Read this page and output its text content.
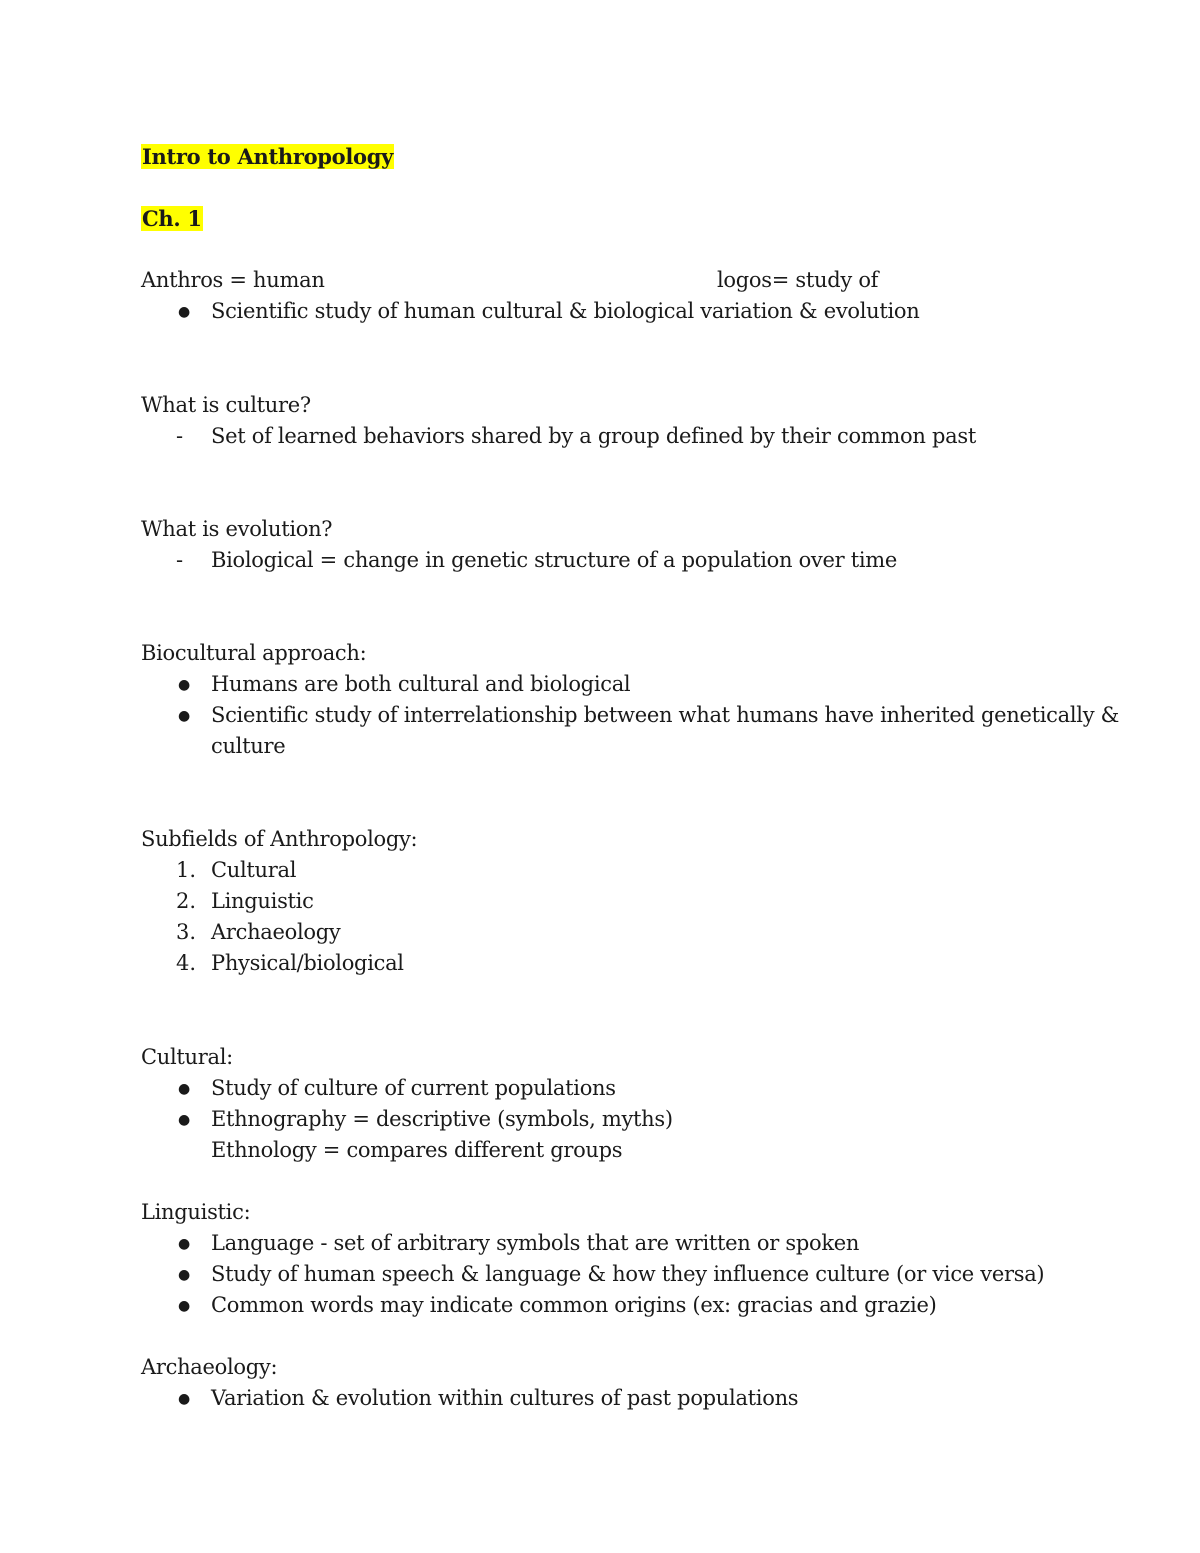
Intro to Anthropology
Ch. 1
Anthros = human	logos= study of
● Scientific study of human cultural & biological variation & evolution
What is culture?
- Set of learned behaviors shared by a group defined by their common past
What is evolution?
- Biological = change in genetic structure of a population over time
Biocultural approach:
● Humans are both cultural and biological
● Scientific study of interrelationship between what humans have inherited genetically &
culture
Subfields of Anthropology:
1. Cultural
2. Linguistic
3. Archaeology
4. Physical/biological
Cultural:
● Study of culture of current populations
● Ethnography = descriptive (symbols, myths)
Ethnology = compares different groups
Linguistic:
● Language - set of arbitrary symbols that are written or spoken
● Study of human speech & language & how they influence culture (or vice versa)
● Common words may indicate common origins (ex: gracias and grazie)
Archaeology:
● Variation & evolution within cultures of past populations
